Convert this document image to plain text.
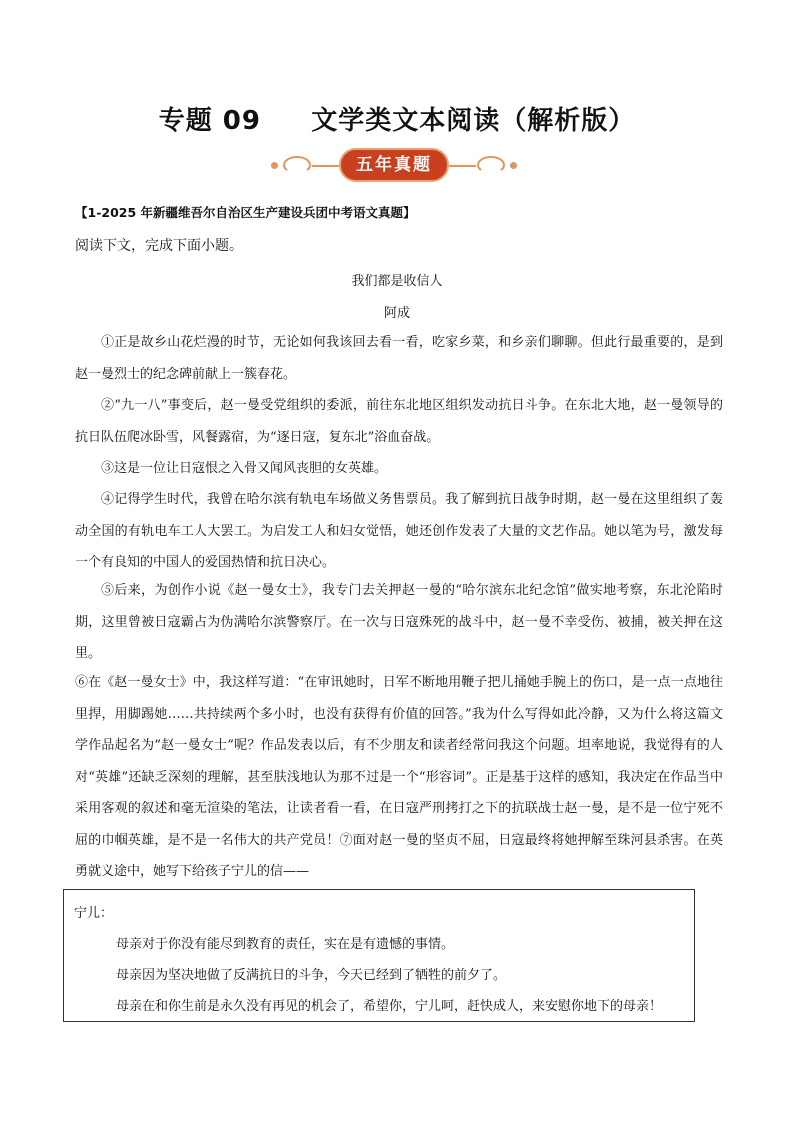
专题 09     文学类文本阅读（解析版）
五年真题
【1-2025 年新疆维吾尔自治区生产建设兵团中考语文真题】
阅读下文，完成下面小题。
我们都是收信人
阿成

①正是故乡山花烂漫的时节，无论如何我该回去看一看，吃家乡菜，和乡亲们聊聊。但此行最重要的，是到赵一曼烈士的纪念碑前献上一簇春花。

②“九一八”事变后，赵一曼受党组织的委派，前往东北地区组织发动抗日斗争。在东北大地，赵一曼领导的抗日队伍爬冰卧雪，风餐露宿，为“逐日寇，复东北”浴血奋战。

③这是一位让日寇恨之入骨又闻风丧胆的女英雄。

④记得学生时代，我曾在哈尔滨有轨电车场做义务售票员。我了解到抗日战争时期，赵一曼在这里组织了轰动全国的有轨电车工人大罢工。为启发工人和妇女觉悟，她还创作发表了大量的文艺作品。她以笔为号，激发每一个有良知的中国人的爱国热情和抗日决心。

⑤后来，为创作小说《赵一曼女士》，我专门去关押赵一曼的“哈尔滨东北纪念馆”做实地考察，东北沦陷时期，这里曾被日寇霸占为伪满哈尔滨警察厅。在一次与日寇殊死的战斗中，赵一曼不幸受伤、被捕，被关押在这里。

⑥在《赵一曼女士》中，我这样写道：“在审讯她时，日军不断地用鞭子把儿捅她手腕上的伤口，是一点一点地往里捍，用脚踢她……共持续两个多小时，也没有获得有价值的回答。”我为什么写得如此冷静，又为什么将这篇文学作品起名为“赵一曼女士”呢？作品发表以后，有不少朋友和读者经常问我这个问题。坦率地说，我觉得有的人对“英雄”还缺乏深刻的理解，甚至肤浅地认为那不过是一个“形容词”。正是基于这样的感知，我决定在作品当中采用客观的叙述和毫无渲染的笔法，让读者看一看，在日寇严刑拷打之下的抗联战士赵一曼，是不是一位宁死不屈的巾帼英雄，是不是一名伟大的共产党员！⑦面对赵一曼的坚贞不屈，日寇最终将她押解至珠河县杀害。在英勇就义途中，她写下给孩子宁儿的信——

宁儿：
母亲对于你没有能尽到教育的责任，实在是有遗憾的事情。
母亲因为坚决地做了反满抗日的斗争，今天已经到了牺牲的前夕了。
母亲在和你生前是永久没有再见的机会了，希望你，宁儿呵，赶快成人，来安慰你地下的母亲！
